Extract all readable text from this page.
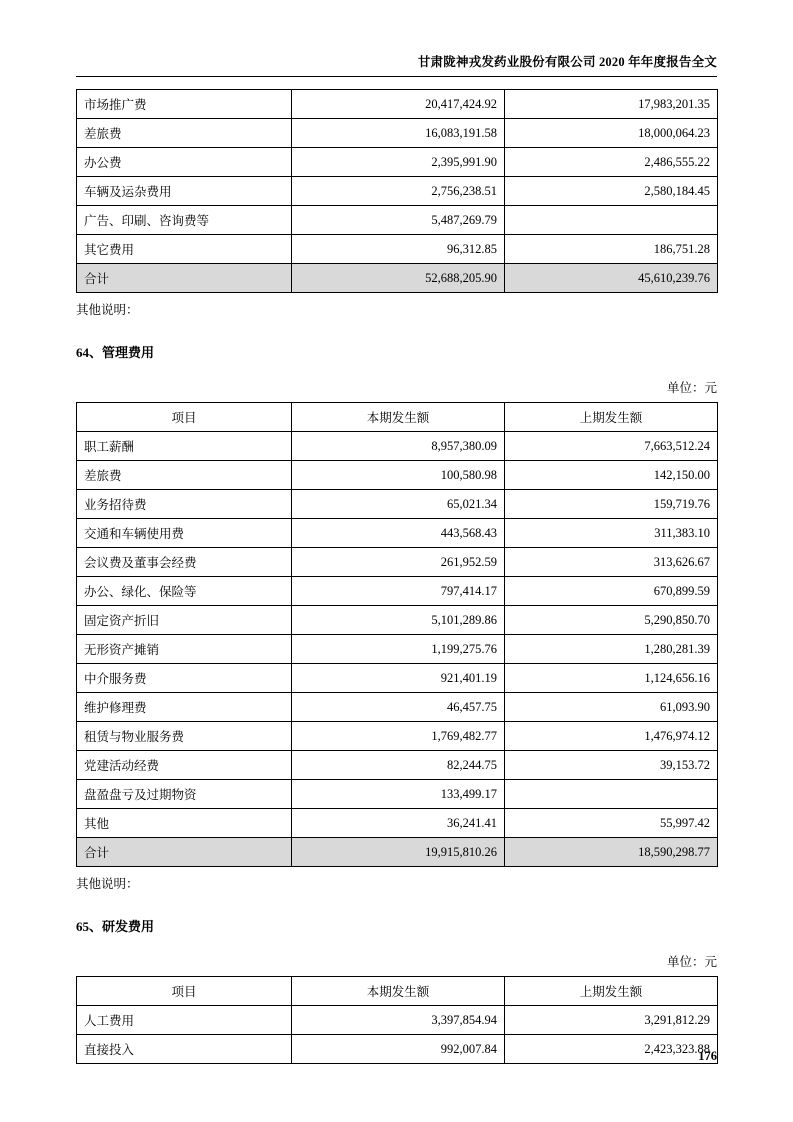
甘肃陇神戎发药业股份有限公司 2020 年年度报告全文
市场推广费	20,417,424.92	17,983,201.35
差旅费	16,083,191.58	18,000,064.23
办公费	2,395,991.90	2,486,555.22
车辆及运杂费用	2,756,238.51	2,580,184.45
广告、印刷、咨询费等	5,487,269.79	
其它费用	96,312.85	186,751.28
合计	52,688,205.90	45,610,239.76

其他说明：

64、管理费用
单位：元
项目	本期发生额	上期发生额
职工薪酬	8,957,380.09	7,663,512.24
差旅费	100,580.98	142,150.00
业务招待费	65,021.34	159,719.76
交通和车辆使用费	443,568.43	311,383.10
会议费及董事会经费	261,952.59	313,626.67
办公、绿化、保险等	797,414.17	670,899.59
固定资产折旧	5,101,289.86	5,290,850.70
无形资产摊销	1,199,275.76	1,280,281.39
中介服务费	921,401.19	1,124,656.16
维护修理费	46,457.75	61,093.90
租赁与物业服务费	1,769,482.77	1,476,974.12
党建活动经费	82,244.75	39,153.72
盘盈盘亏及过期物资	133,499.17	
其他	36,241.41	55,997.42
合计	19,915,810.26	18,590,298.77

其他说明：

65、研发费用
单位：元
项目	本期发生额	上期发生额
人工费用	3,397,854.94	3,291,812.29
直接投入	992,007.84	2,423,323.88
176
